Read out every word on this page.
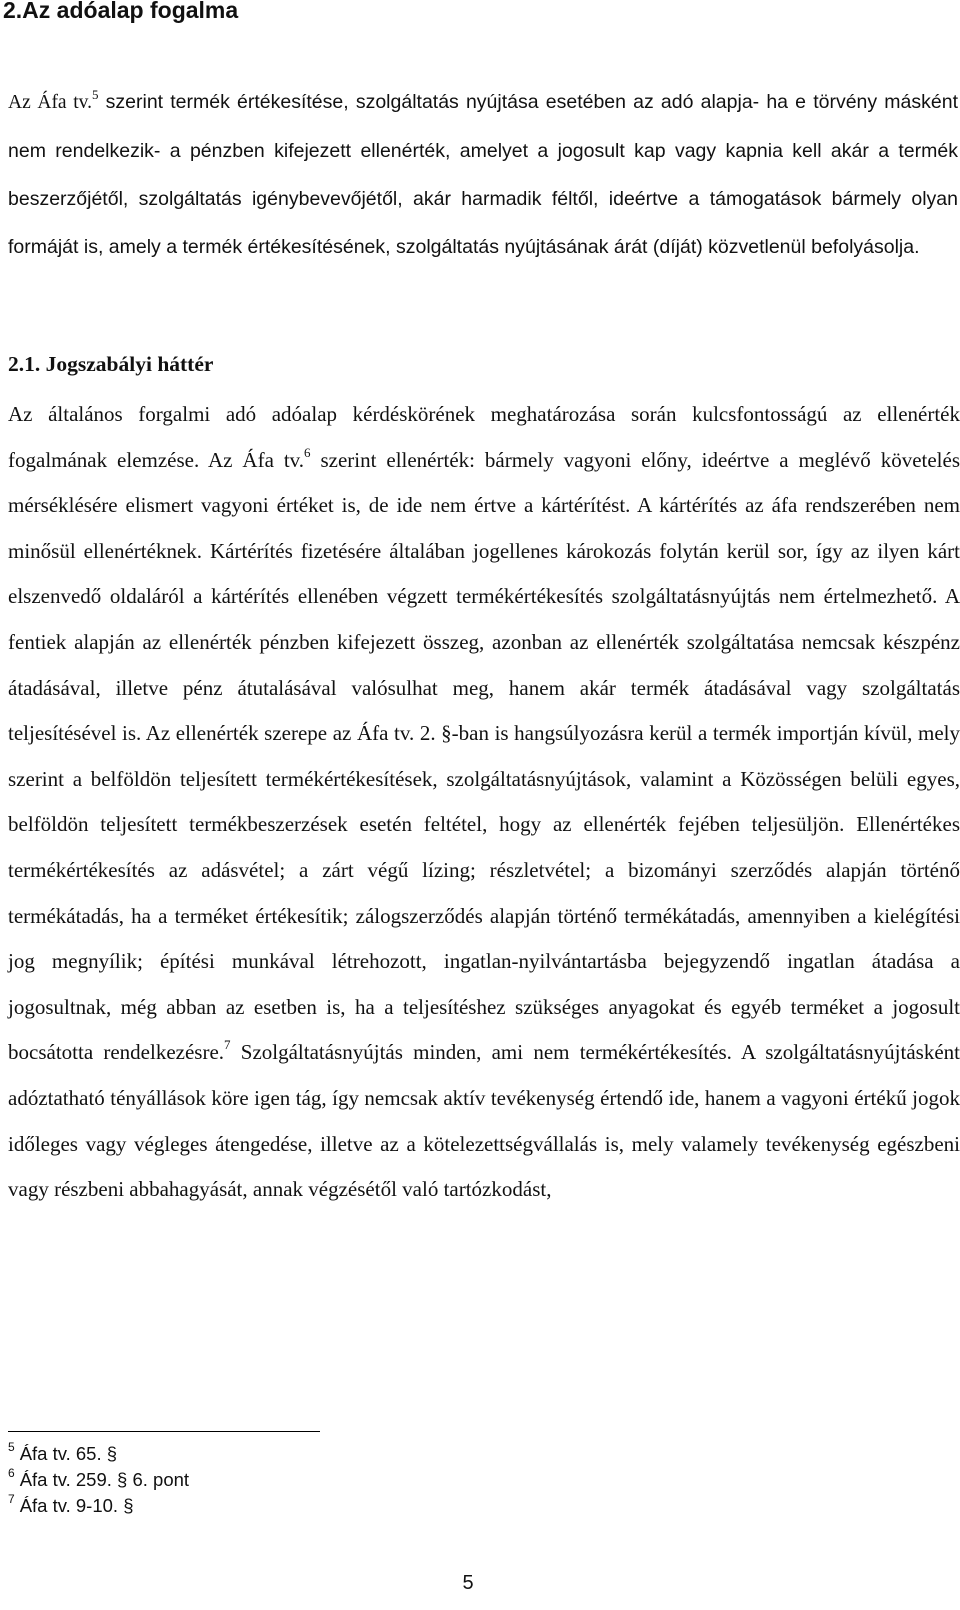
2.Az adóalap fogalma

Az Áfa tv.$^5$ szerint termék értékesítése, szolgáltatás nyújtása esetében az adó alapja- ha e törvény másként nem rendelkezik- a pénzben kifejezett ellenérték, amelyet a jogosult kap vagy kapnia kell akár a termék beszerzőjétől, szolgáltatás igénybevevőjétől, akár harmadik féltől, ideértve a támogatások bármely olyan formáját is, amely a termék értékesítésének, szolgáltatás nyújtásának árát (díját) közvetlenül befolyásolja.

2.1. Jogszabályi háttér

Az általános forgalmi adó adóalap kérdéskörének meghatározása során kulcsfontosságú az ellenérték fogalmának elemzése. Az Áfa tv.$^6$ szerint ellenérték: bármely vagyoni előny, ideértve a meglévő követelés mérséklésére elismert vagyoni értéket is, de ide nem értve a kártérítést. A kártérítés az áfa rendszerében nem minősül ellenértéknek. Kártérítés fizetésére általában jogellenes károkozás folytán kerül sor, így az ilyen kárt elszenvedő oldaláról a kártérítés ellenében végzett termékértékesítés szolgáltatásnyújtás nem értelmezhető. A fentiek alapján az ellenérték pénzben kifejezett összeg, azonban az ellenérték szolgáltatása nemcsak készpénz átadásával, illetve pénz átutalásával valósulhat meg, hanem akár termék átadásával vagy szolgáltatás teljesítésével is. Az ellenérték szerepe az Áfa tv. 2. §-ban is hangsúlyozásra kerül a termék importján kívül, mely szerint a belföldön teljesített termékértékesítések, szolgáltatásnyújtások, valamint a Közösségen belüli egyes, belföldön teljesített termékbeszerzések esetén feltétel, hogy az ellenérték fejében teljesüljön. Ellenértékes termékértékesítés az adásvétel; a zárt végű lízing; részletvétel; a bizományi szerződés alapján történő termékátadás, ha a terméket értékesítik; zálogszerződés alapján történő termékátadás, amennyiben a kielégítési jog megnyílik; építési munkával létrehozott, ingatlan-nyilvántartásba bejegyzendő ingatlan átadása a jogosultnak, még abban az esetben is, ha a teljesítéshez szükséges anyagokat és egyéb terméket a jogosult bocsátotta rendelkezésre.$^7$ Szolgáltatásnyújtás minden, ami nem termékértékesítés. A szolgáltatásnyújtásként adóztatható tényállások köre igen tág, így nemcsak aktív tevékenység értendő ide, hanem a vagyoni értékű jogok időleges vagy végleges átengedése, illetve az a kötelezettségvállalás is, mely valamely tevékenység egészbeni vagy részbeni abbahagyását, annak végzésétől való tartózkodást,

$^5$ Áfa tv. 65. §
$^6$ Áfa tv. 259. § 6. pont
$^7$ Áfa tv. 9-10. §
5
